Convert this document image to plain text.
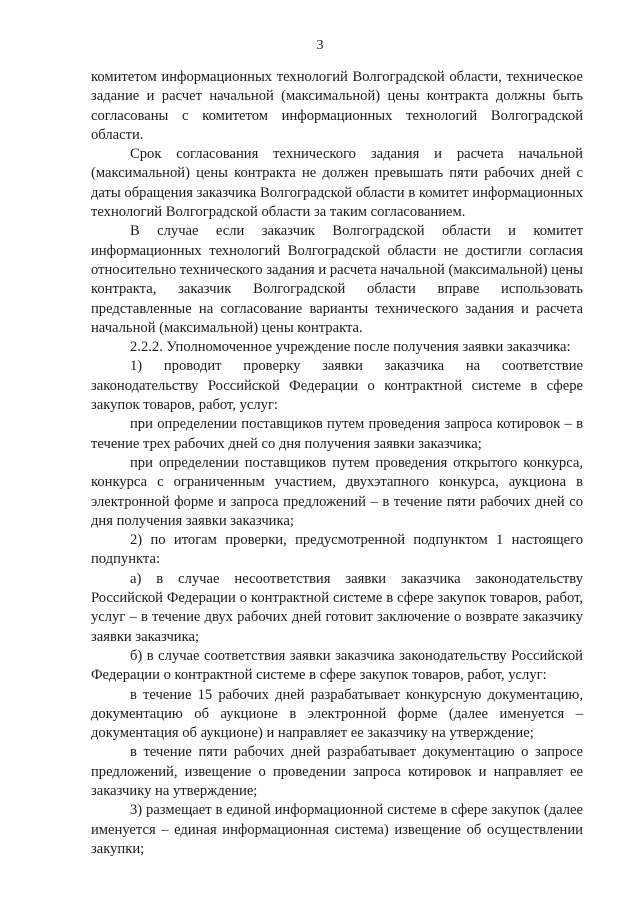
3

комитетом информационных технологий Волгоградской области, техническое задание и расчет начальной (максимальной) цены контракта должны быть согласованы с комитетом информационных технологий Волгоградской области.

Срок согласования технического задания и расчета начальной (максимальной) цены контракта не должен превышать пяти рабочих дней с даты обращения заказчика Волгоградской области в комитет информационных технологий Волгоградской области за таким согласованием.

В случае если заказчик Волгоградской области и комитет информационных технологий Волгоградской области не достигли согласия относительно технического задания и расчета начальной (максимальной) цены контракта, заказчик Волгоградской области вправе использовать представленные на согласование варианты технического задания и расчета начальной (максимальной) цены контракта.

2.2.2. Уполномоченное учреждение после получения заявки заказчика:

1) проводит проверку заявки заказчика на соответствие законодательству Российской Федерации о контрактной системе в сфере закупок товаров, работ, услуг:

при определении поставщиков путем проведения запроса котировок – в течение трех рабочих дней со дня получения заявки заказчика;

при определении поставщиков путем проведения открытого конкурса, конкурса с ограниченным участием, двухэтапного конкурса, аукциона в электронной форме и запроса предложений – в течение пяти рабочих дней со дня получения заявки заказчика;

2) по итогам проверки, предусмотренной подпунктом 1 настоящего подпункта:

а) в случае несоответствия заявки заказчика законодательству Российской Федерации о контрактной системе в сфере закупок товаров, работ, услуг – в течение двух рабочих дней готовит заключение о возврате заказчику заявки заказчика;

б) в случае соответствия заявки заказчика законодательству Российской Федерации о контрактной системе в сфере закупок товаров, работ, услуг:

в течение 15 рабочих дней разрабатывает конкурсную документацию, документацию об аукционе в электронной форме (далее именуется – документация об аукционе) и направляет ее заказчику на утверждение;

в течение пяти рабочих дней разрабатывает документацию о запросе предложений, извещение о проведении запроса котировок и направляет ее заказчику на утверждение;

3) размещает в единой информационной системе в сфере закупок (далее именуется – единая информационная система) извещение об осуществлении закупки;
